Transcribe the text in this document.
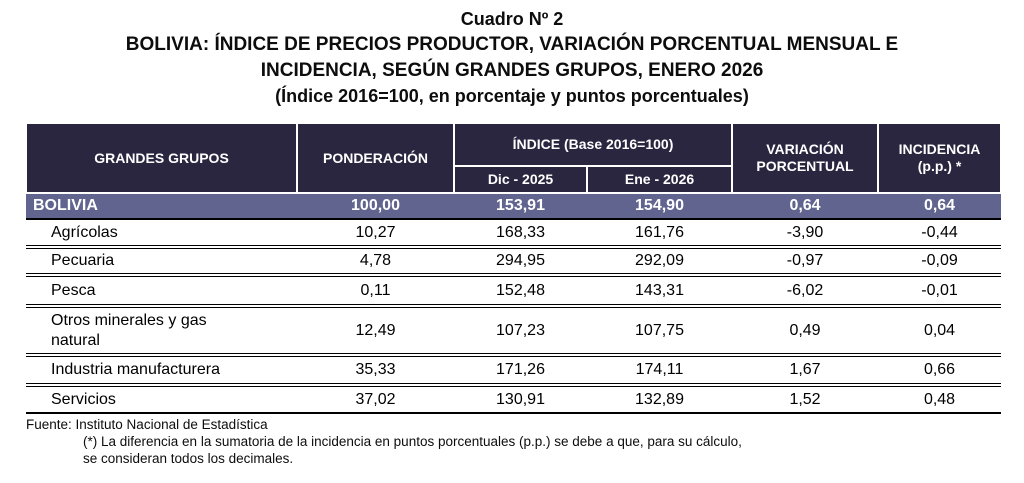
Cuadro Nº 2
BOLIVIA: ÍNDICE DE PRECIOS PRODUCTOR, VARIACIÓN PORCENTUAL MENSUAL E
INCIDENCIA, SEGÚN GRANDES GRUPOS, ENERO 2026
(Índice 2016=100, en porcentaje y puntos porcentuales)
GRANDES GRUPOS	PONDERACIÓN	ÍNDICE (Base 2016=100)		VARIACIÓN PORCENTUAL	INCIDENCIA (p.p.) *
		Dic - 2025	Ene - 2026		
BOLIVIA	100,00	153,91	154,90	0,64	0,64
Agrícolas	10,27	168,33	161,76	-3,90	-0,44
Pecuaria	4,78	294,95	292,09	-0,97	-0,09
Pesca	0,11	152,48	143,31	-6,02	-0,01
Otros minerales y gas natural	12,49	107,23	107,75	0,49	0,04
Industria manufacturera	35,33	171,26	174,11	1,67	0,66
Servicios	37,02	130,91	132,89	1,52	0,48
Fuente: Instituto Nacional de Estadística
(*) La diferencia en la sumatoria de la incidencia en puntos porcentuales (p.p.) se debe a que, para su cálculo,
se consideran todos los decimales.
